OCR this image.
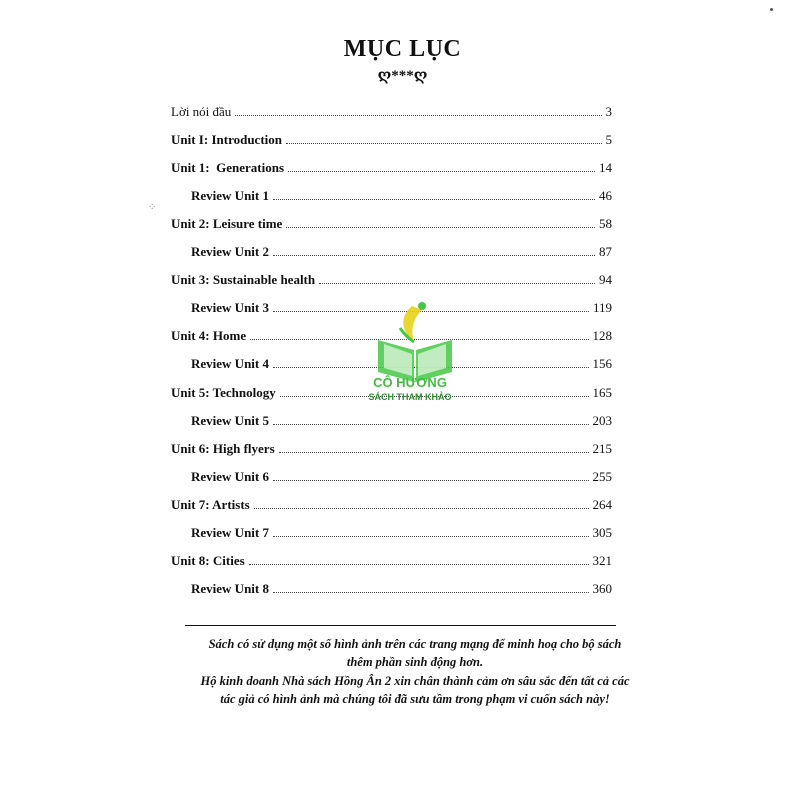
⁘
MỤC LỤC
ღ***ღ
Lời nói đầu	3
Unit I: Introduction	5
Unit 1:  Generations	14
Review Unit 1	46
Unit 2: Leisure time	58
Review Unit 2	87
Unit 3: Sustainable health	94
Review Unit 3	119
Unit 4: Home	128
Review Unit 4	156
Unit 5: Technology	165
Review Unit 5	203
Unit 6: High flyers	215
Review Unit 6	255
Unit 7: Artists	264
Review Unit 7	305
Unit 8: Cities	321
Review Unit 8	360
CÔ HƯƠNG
SÁCH THAM KHẢO
Sách có sử dụng một số hình ảnh trên các trang mạng để minh hoạ cho bộ sách thêm phần sinh động hơn.
Hộ kinh doanh Nhà sách Hồng Ân 2 xin chân thành cảm ơn sâu sắc đến tất cả các tác giả có hình ảnh mà chúng tôi đã sưu tầm trong phạm vi cuốn sách này!
